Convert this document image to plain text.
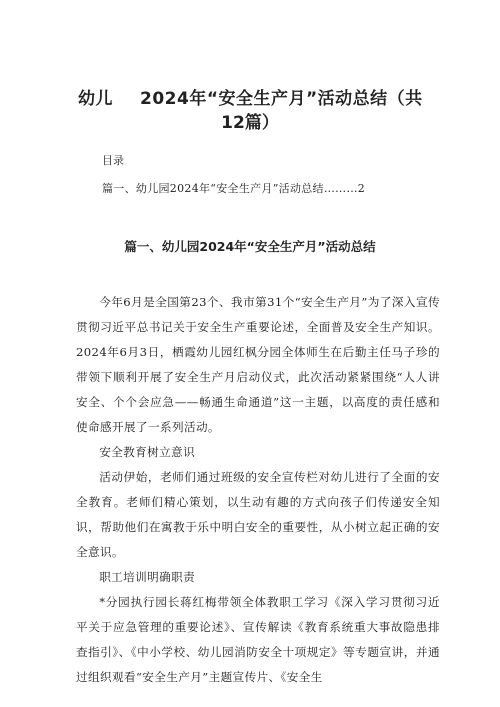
幼儿 2024年“安全生产月”活动总结（共
12篇）
目录
篇一、幼儿园2024年“安全生产月”活动总结………2
篇一、幼儿园2024年“安全生产月”活动总结

今年6月是全国第23个、我市第31个“安全生产月”为了深入宣传贯彻习近平总书记关于安全生产重要论述，全面普及安全生产知识。2024年6月3日，栖霞幼儿园红枫分园全体师生在后勤主任马子珍的带领下顺利开展了安全生产月启动仪式，此次活动紧紧围绕“人人讲安全、个个会应急——畅通生命通道”这一主题，以高度的责任感和使命感开展了一系列活动。

安全教育树立意识

活动伊始，老师们通过班级的安全宣传栏对幼儿进行了全面的安全教育。老师们精心策划，以生动有趣的方式向孩子们传递安全知识，帮助他们在寓教于乐中明白安全的重要性，从小树立起正确的安全意识。

职工培训明确职责

*分园执行园长蒋红梅带领全体教职工学习《深入学习贯彻习近平关于应急管理的重要论述》、宣传解读《教育系统重大事故隐患排查指引》、《中小学校、幼儿园消防安全十项规定》等专题宣讲，并通过组织观看“安全生产月”主题宣传片、《安全生
